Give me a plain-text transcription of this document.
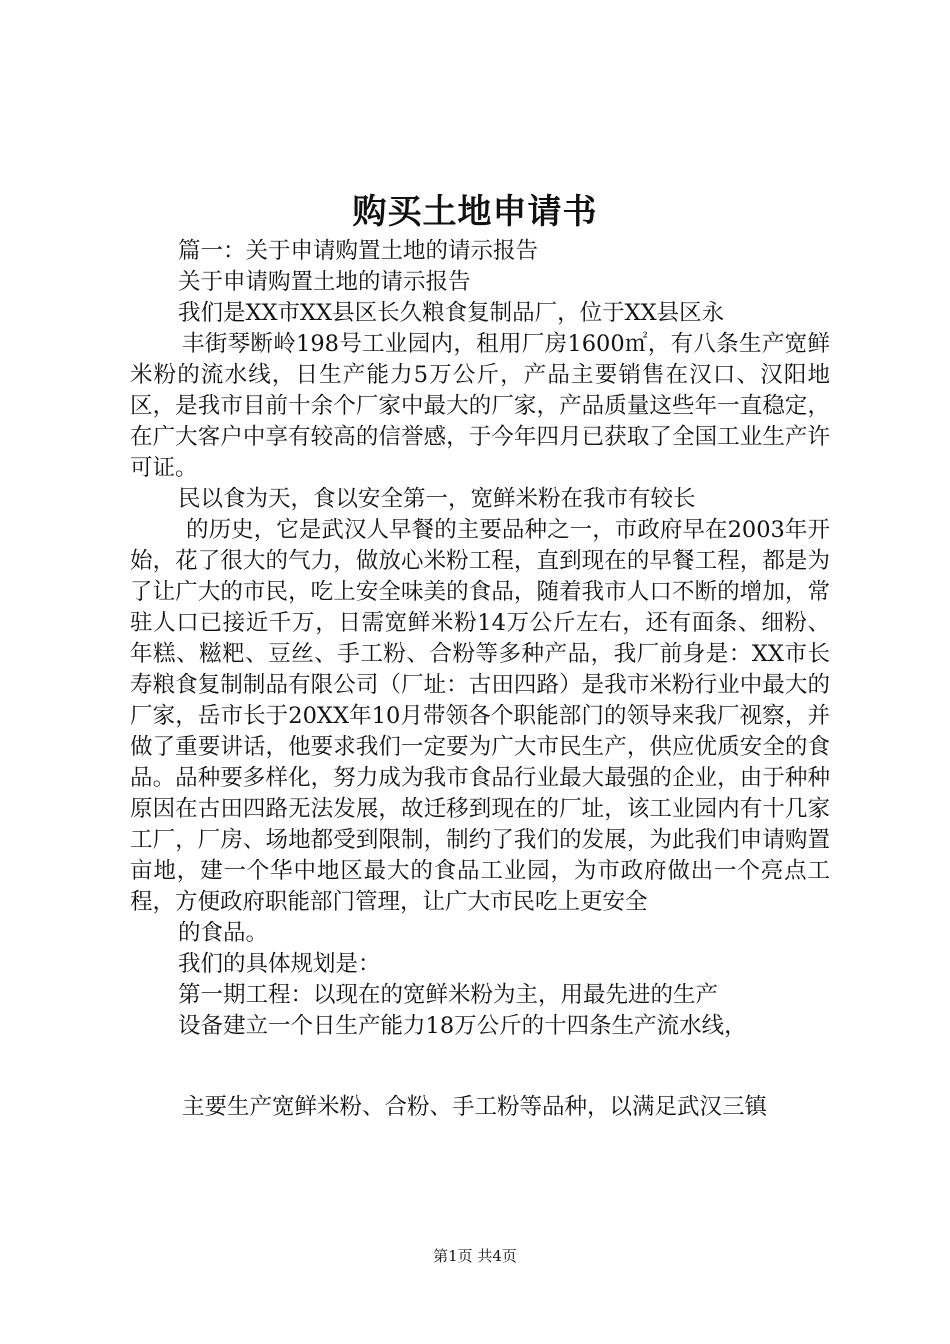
购买土地申请书

篇一：关于申请购置土地的请示报告

关于申请购置土地的请示报告

我们是XX市XX县区长久粮食复制品厂，位于XX县区永

丰街琴断岭198号工业园内，租用厂房1600㎡，有八条生产宽鲜米粉的流水线，日生产能力5万公斤，产品主要销售在汉口、汉阳地区，是我市目前十余个厂家中最大的厂家，产品质量这些年一直稳定，在广大客户中享有较高的信誉感，于今年四月已获取了全国工业生产许可证。

民以食为天，食以安全第一，宽鲜米粉在我市有较长

的历史，它是武汉人早餐的主要品种之一，市政府早在2003年开始，花了很大的气力，做放心米粉工程，直到现在的早餐工程，都是为了让广大的市民，吃上安全味美的食品，随着我市人口不断的增加，常驻人口已接近千万，日需宽鲜米粉14万公斤左右，还有面条、细粉、年糕、糍粑、豆丝、手工粉、合粉等多种产品，我厂前身是：XX市长寿粮食复制制品有限公司（厂址：古田四路）是我市米粉行业中最大的厂家，岳市长于20XX年10月带领各个职能部门的领导来我厂视察，并做了重要讲话，他要求我们一定要为广大市民生产，供应优质安全的食品。品种要多样化，努力成为我市食品行业最大最强的企业，由于种种原因在古田四路无法发展，故迁移到现在的厂址，该工业园内有十几家工厂，厂房、场地都受到限制，制约了我们的发展，为此我们申请购置亩地，建一个华中地区最大的食品工业园，为市政府做出一个亮点工程，方便政府职能部门管理，让广大市民吃上更安全

的食品。

我们的具体规划是：

第一期工程：以现在的宽鲜米粉为主，用最先进的生产

设备建立一个日生产能力18万公斤的十四条生产流水线，

主要生产宽鲜米粉、合粉、手工粉等品种，以满足武汉三镇

第1页 共4页
